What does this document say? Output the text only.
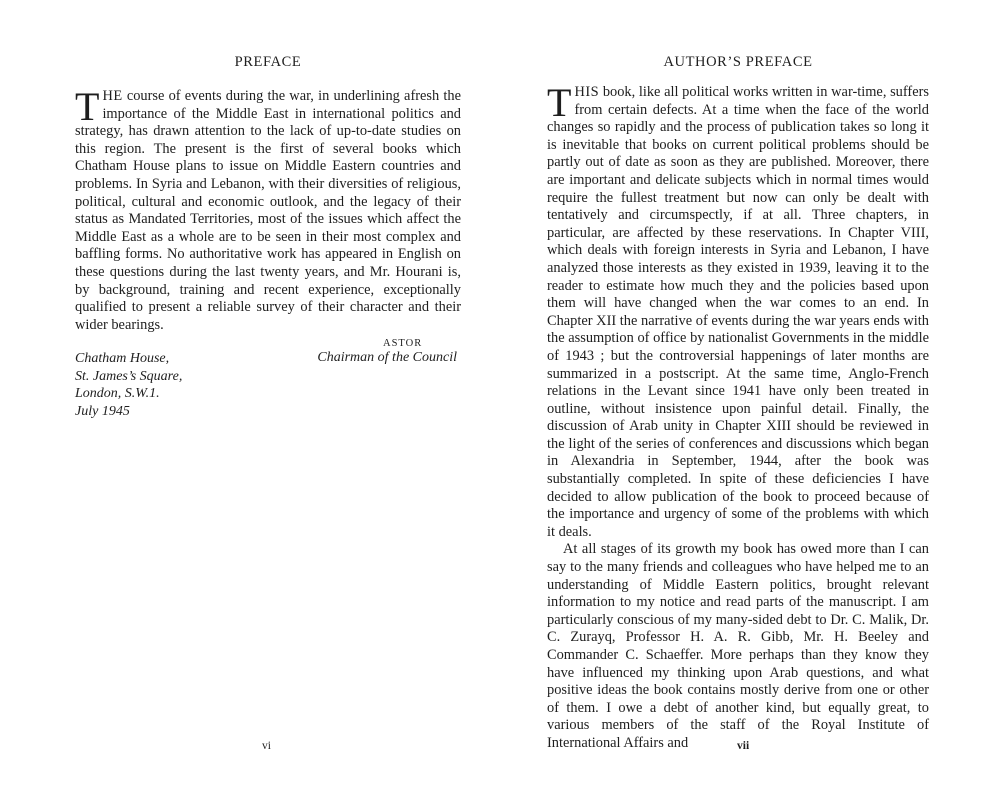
PREFACE

THE course of events during the war, in underlining afresh the importance of the Middle East in international politics and strategy, has drawn attention to the lack of up-to-date studies on this region. The present is the first of several books which Chatham House plans to issue on Middle Eastern countries and problems. In Syria and Lebanon, with their diversities of religious, political, cultural and economic outlook, and the legacy of their status as Mandated Territories, most of the issues which affect the Middle East as a whole are to be seen in their most complex and baffling forms. No authoritative work has appeared in English on these questions during the last twenty years, and Mr. Hourani is, by background, training and recent experience, exceptionally qualified to present a reliable survey of their character and their wider bearings.

ASTOR
Chairman of the Council
Chatham House,
St. James’s Square,
London, S.W.1.
July 1945
vi
AUTHOR’S PREFACE

THIS book, like all political works written in war-time, suffers from certain defects. At a time when the face of the world changes so rapidly and the process of publication takes so long it is inevitable that books on current political problems should be partly out of date as soon as they are published. Moreover, there are important and delicate subjects which in normal times would require the fullest treatment but now can only be dealt with tentatively and circumspectly, if at all. Three chapters, in particular, are affected by these reservations. In Chapter VIII, which deals with foreign interests in Syria and Lebanon, I have analyzed those interests as they existed in 1939, leaving it to the reader to estimate how much they and the policies based upon them will have changed when the war comes to an end. In Chapter XII the narrative of events during the war years ends with the assumption of office by nationalist Governments in the middle of 1943 ; but the controversial happenings of later months are summarized in a postscript. At the same time, Anglo-French relations in the Levant since 1941 have only been treated in outline, without insistence upon painful detail. Finally, the discussion of Arab unity in Chapter XIII should be reviewed in the light of the series of conferences and discussions which began in Alexandria in September, 1944, after the book was substantially completed. In spite of these deficiencies I have decided to allow publication of the book to proceed because of the importance and urgency of some of the problems with which it deals.

At all stages of its growth my book has owed more than I can say to the many friends and colleagues who have helped me to an understanding of Middle Eastern politics, brought relevant information to my notice and read parts of the manuscript. I am particularly conscious of my many-sided debt to Dr. C. Malik, Dr. C. Zurayq, Professor H. A. R. Gibb, Mr. H. Beeley and Commander C. Schaeffer. More perhaps than they know they have influenced my thinking upon Arab questions, and what positive ideas the book contains mostly derive from one or other of them. I owe a debt of another kind, but equally great, to various members of the staff of the Royal Institute of International Affairs and	vii
